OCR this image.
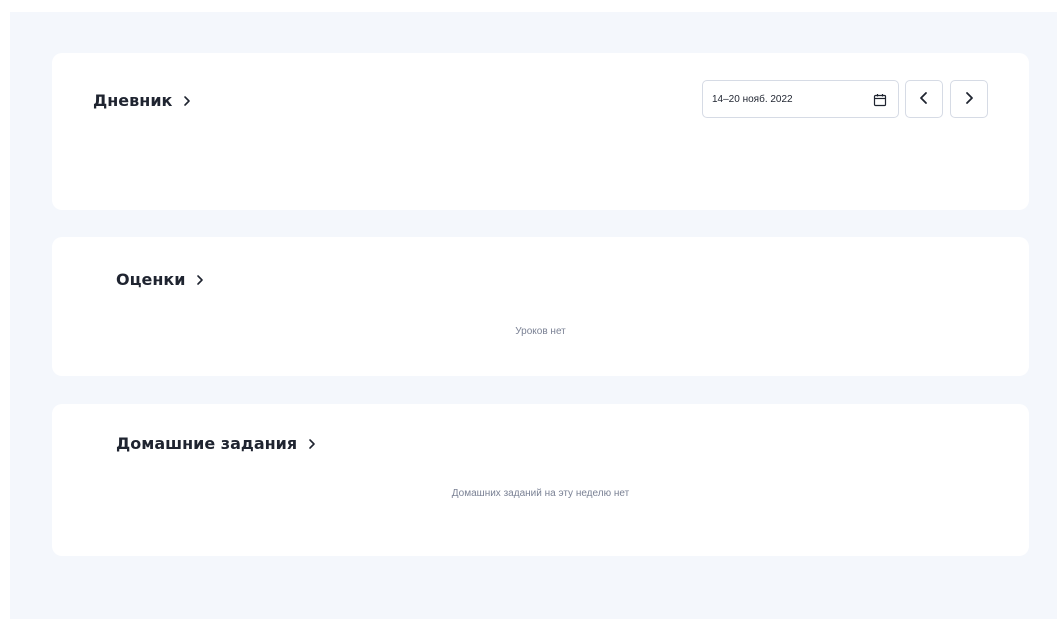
Дневник	14–20 нояб. 2022
Оценки
Уроков нет
Домашние задания
Домашних заданий на эту неделю нет
